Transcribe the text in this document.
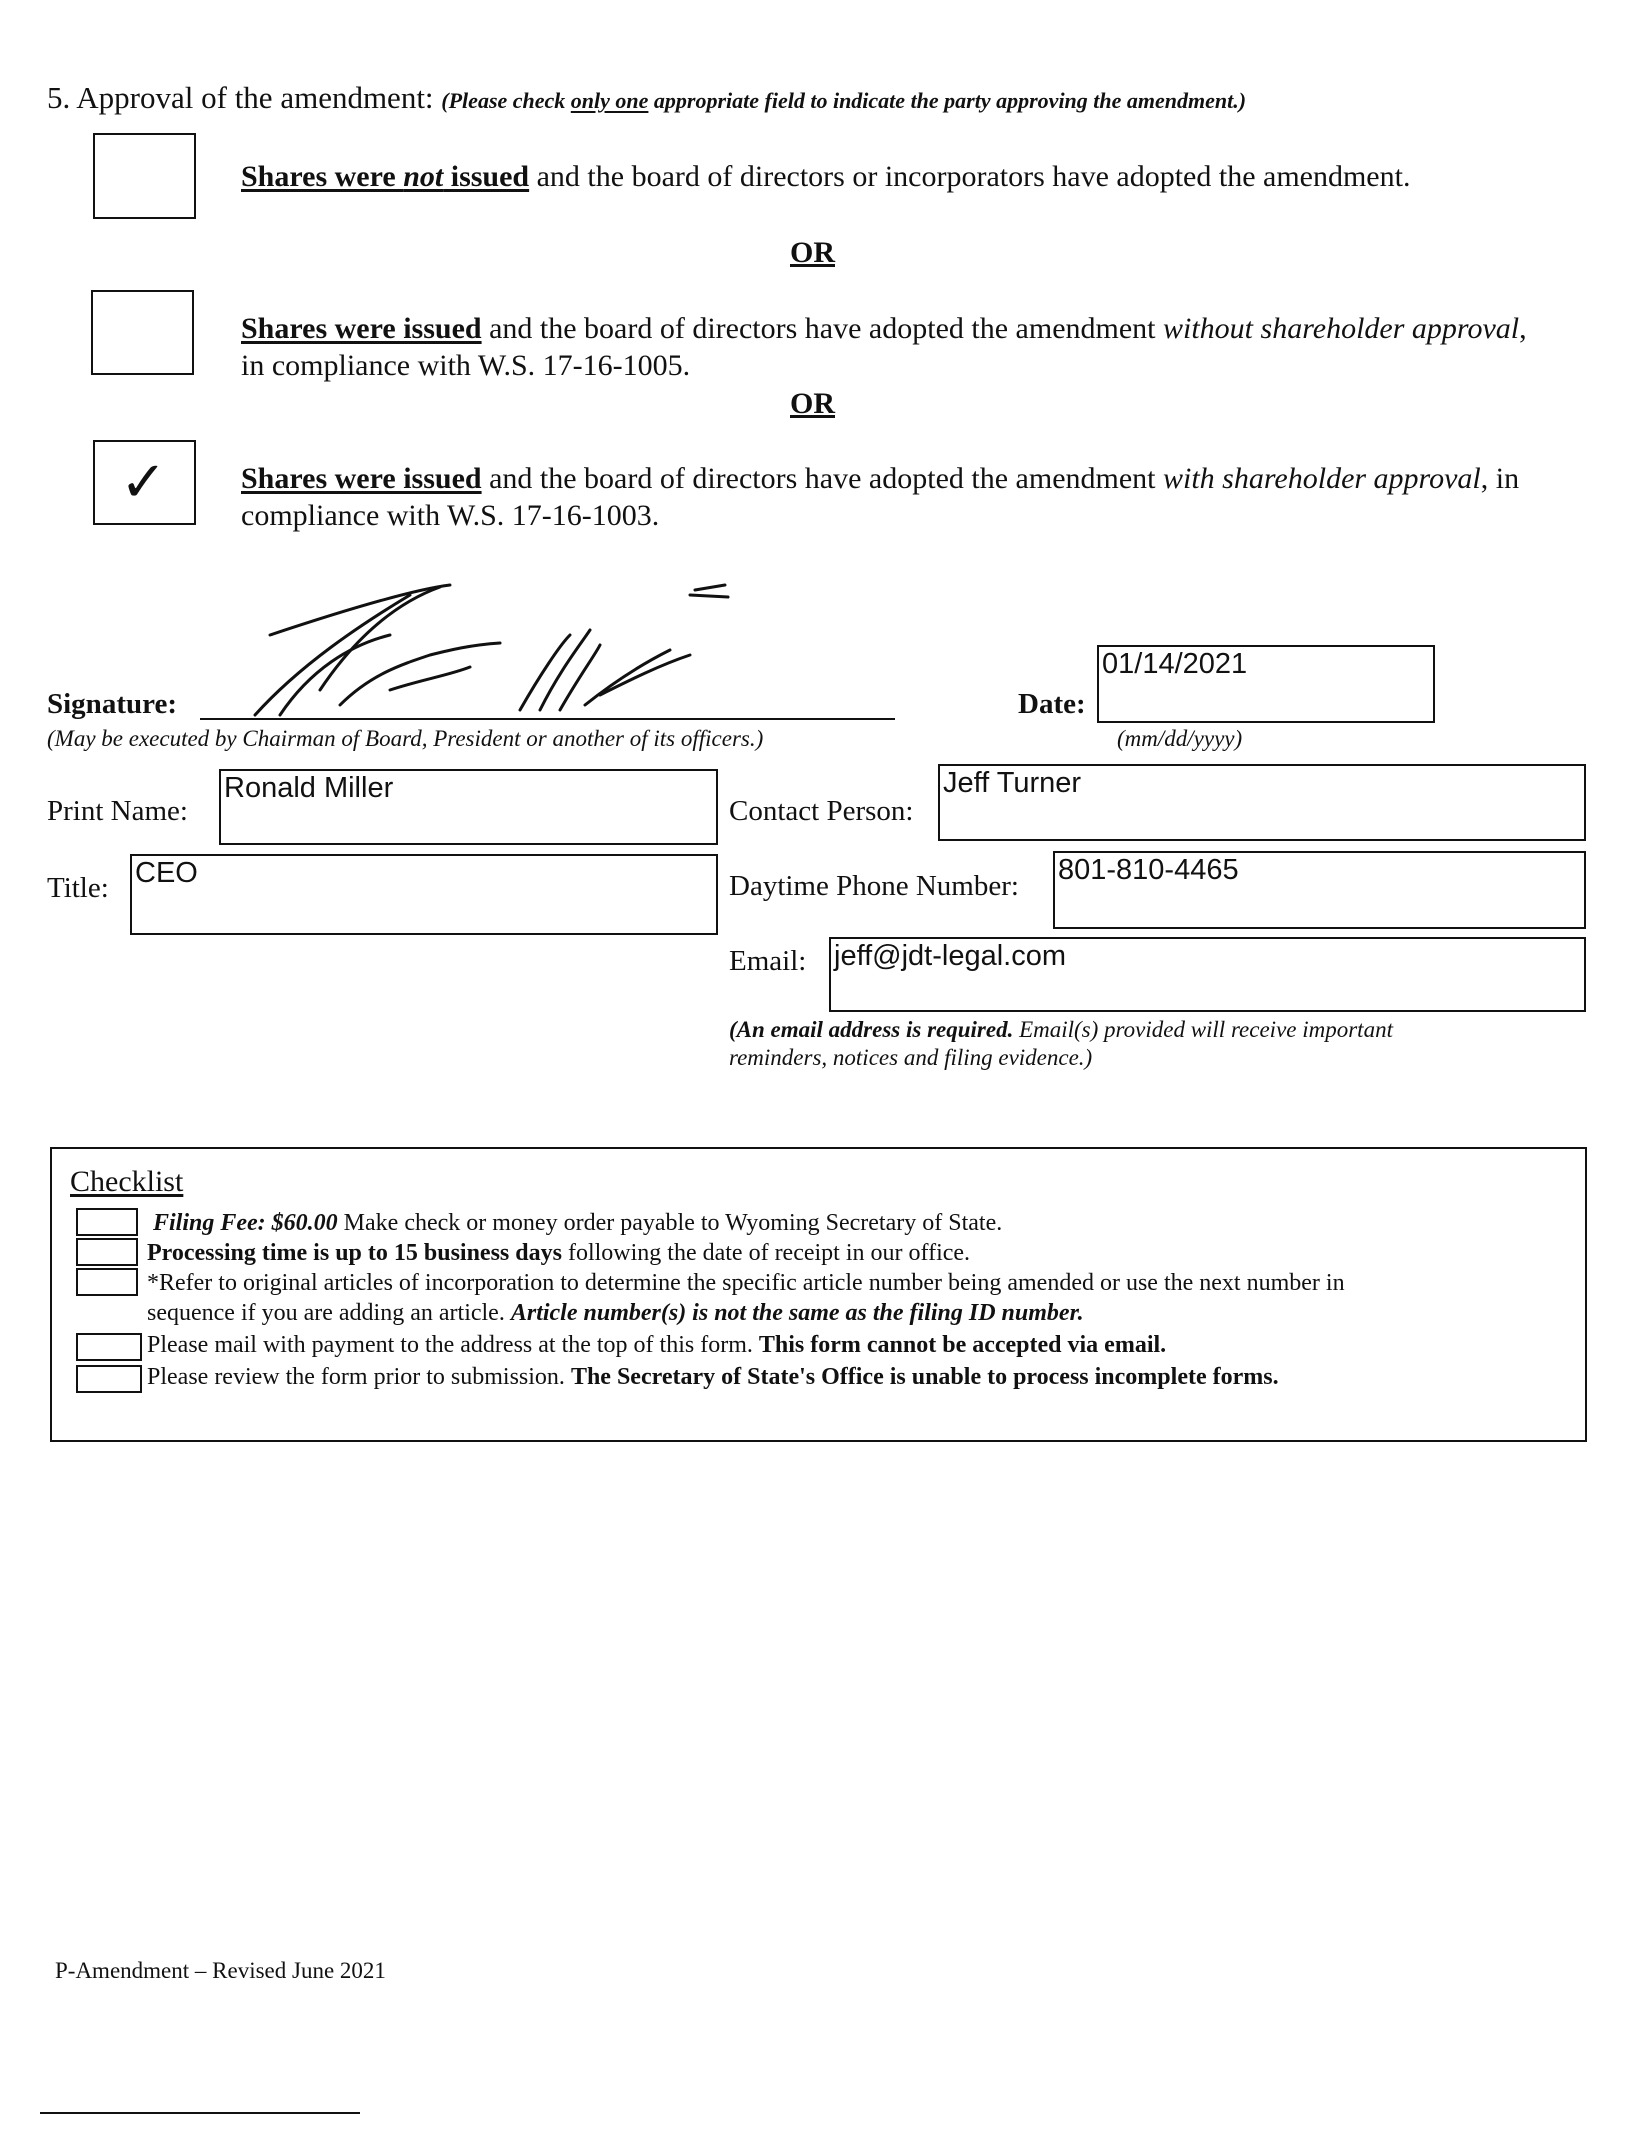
5. Approval of the amendment: (Please check only one appropriate field to indicate the party approving the amendment.)
Shares were not issued and the board of directors or incorporators have adopted the amendment.
OR
Shares were issued and the board of directors have adopted the amendment without shareholder approval, in compliance with W.S. 17-16-1005.
OR
✓ Shares were issued and the board of directors have adopted the amendment with shareholder approval, in compliance with W.S. 17-16-1003.
Signature:
(May be executed by Chairman of Board, President or another of its officers.)
Date:
01/14/2021
(mm/dd/yyyy)
Print Name:
Ronald Miller
Title: CEO
Contact Person:
Jeff Turner
Daytime Phone Number: 801-810-4465
Email: jeff@jdt-legal.com
(An email address is required. Email(s) provided will receive important
reminders, notices and filing evidence.)
Checklist
Filing Fee: $60.00 Make check or money order payable to Wyoming Secretary of State.
Processing time is up to 15 business days following the date of receipt in our office.
*Refer to original articles of incorporation to determine the specific article number being amended or use the next number in
sequence if you are adding an article. Article number(s) is not the same as the filing ID number.
Please mail with payment to the address at the top of this form. This form cannot be accepted via email.
Please review the form prior to submission. The Secretary of State's Office is unable to process incomplete forms.
P-Amendment – Revised June 2021
